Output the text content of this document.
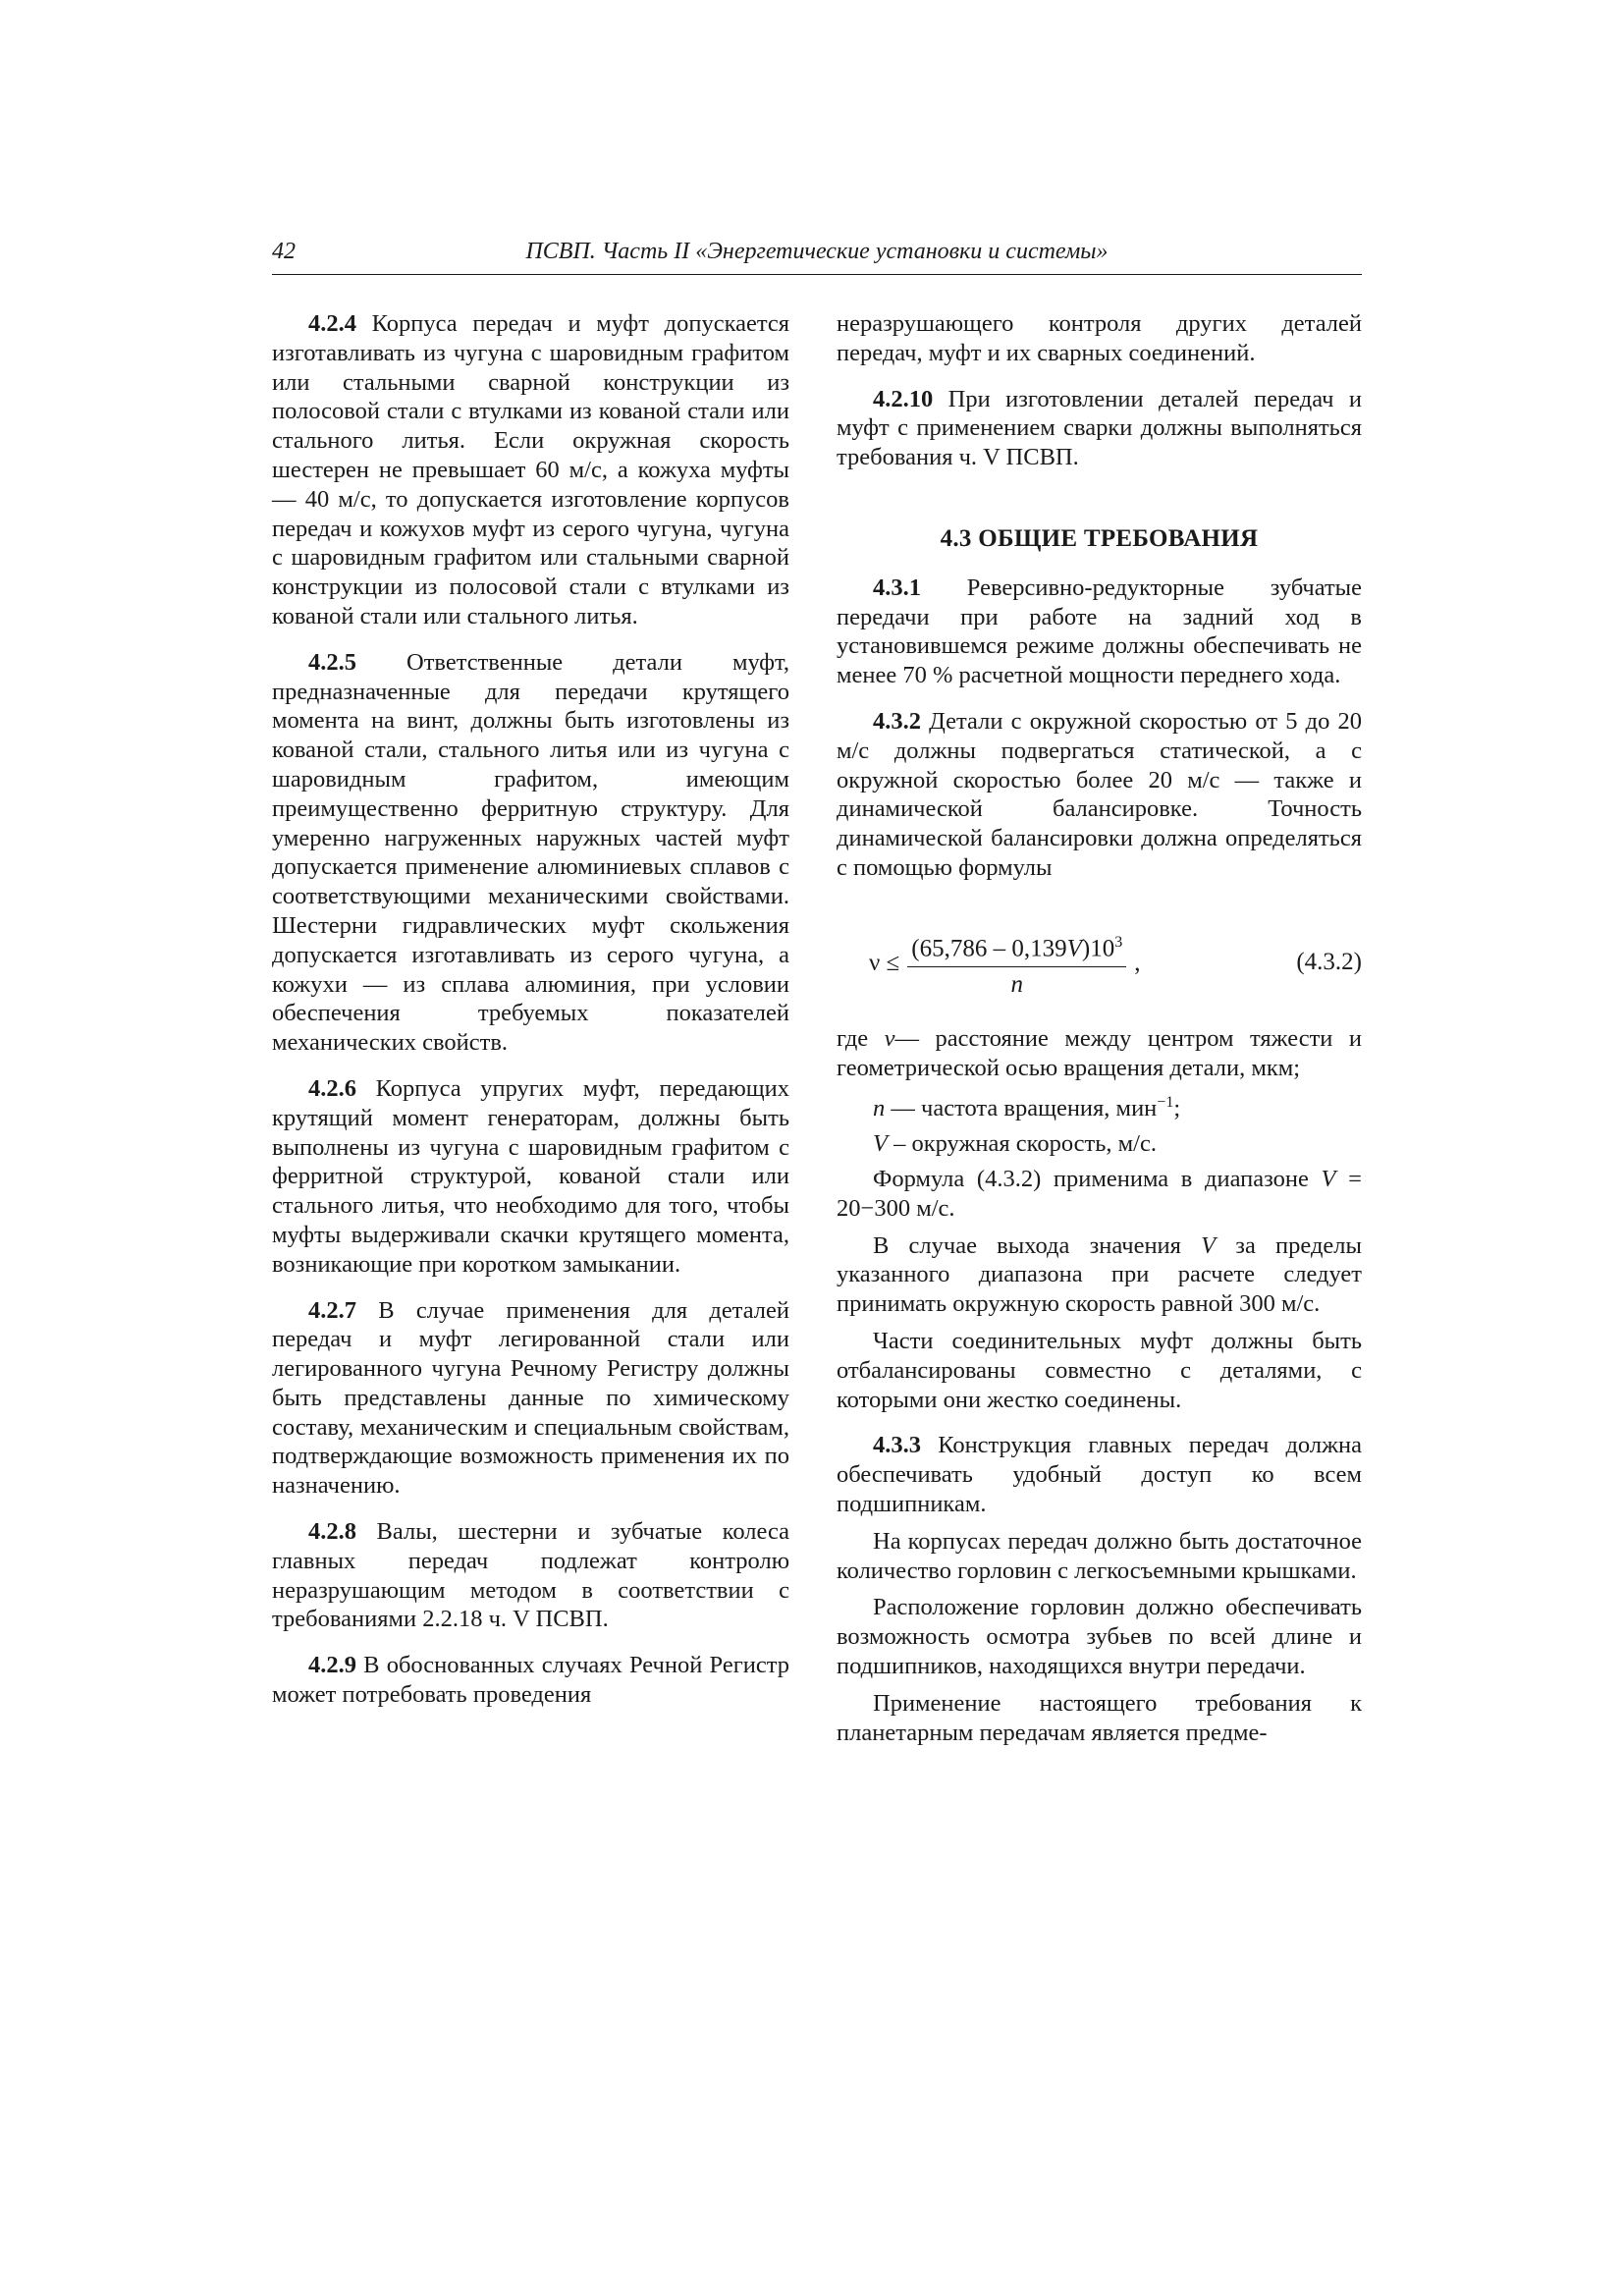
42	ПСВП. Часть II «Энергетические установки и системы»

4.2.4 Корпуса передач и муфт допускается изготавливать из чугуна с шаровидным графитом или стальными сварной конструкции из полосовой стали с втулками из кованой стали или стального литья. Если окружная скорость шестерен не превышает 60 м/с, а кожуха муфты — 40 м/с, то допускается изготовление корпусов передач и кожухов муфт из серого чугуна, чугуна с шаровидным графитом или стальными сварной конструкции из полосовой стали с втулками из кованой стали или стального литья.

4.2.5 Ответственные детали муфт, предназначенные для передачи крутящего момента на винт, должны быть изготовлены из кованой стали, стального литья или из чугуна с шаровидным графитом, имеющим преимущественно ферритную структуру. Для умеренно нагруженных наружных частей муфт допускается применение алюминиевых сплавов с соответствующими механическими свойствами. Шестерни гидравлических муфт скольжения допускается изготавливать из серого чугуна, а кожухи — из сплава алюминия, при условии обеспечения требуемых показателей механических свойств.

4.2.6 Корпуса упругих муфт, передающих крутящий момент генераторам, должны быть выполнены из чугуна с шаровидным графитом с ферритной структурой, кованой стали или стального литья, что необходимо для того, чтобы муфты выдерживали скачки крутящего момента, возникающие при коротком замыкании.

4.2.7 В случае применения для деталей передач и муфт легированной стали или легированного чугуна Речному Регистру должны быть представлены данные по химическому составу, механическим и специальным свойствам, подтверждающие возможность применения их по назначению.

4.2.8 Валы, шестерни и зубчатые колеса главных передач подлежат контролю неразрушающим методом в соответствии с требованиями 2.2.18 ч. V ПСВП.

4.2.9 В обоснованных случаях Речной Регистр может потребовать проведения

неразрушающего контроля других деталей передач, муфт и их сварных соединений.

4.2.10 При изготовлении деталей передач и муфт с применением сварки должны выполняться требования ч. V ПСВП.

4.3 ОБЩИЕ ТРЕБОВАНИЯ

4.3.1 Реверсивно-редукторные зубчатые передачи при работе на задний ход в установившемся режиме должны обеспечивать не менее 70 % расчетной мощности переднего хода.

4.3.2 Детали с окружной скоростью от 5 до 20 м/с должны подвергаться статической, а с окружной скоростью более 20 м/с — также и динамической балансировке. Точность динамической балансировки должна определяться с помощью формулы

$\nu \le \frac{(65,786 - 0,139V)10^3}{n}$ ,	(4.3.2)

где v— расстояние между центром тяжести и геометрической осью вращения детали, мкм;

n — частота вращения, мин$^{-1}$;

V – окружная скорость, м/с.

Формула (4.3.2) применима в диапазоне V = 20−300 м/с.

В случае выхода значения V за пределы указанного диапазона при расчете следует принимать окружную скорость равной 300 м/с.

Части соединительных муфт должны быть отбалансированы совместно с деталями, с которыми они жестко соединены.

4.3.3 Конструкция главных передач должна обеспечивать удобный доступ ко всем подшипникам.

На корпусах передач должно быть достаточное количество горловин с легкосъемными крышками.

Расположение горловин должно обеспечивать возможность осмотра зубьев по всей длине и подшипников, находящихся внутри передачи.

Применение настоящего требования к планетарным передачам является предме-
